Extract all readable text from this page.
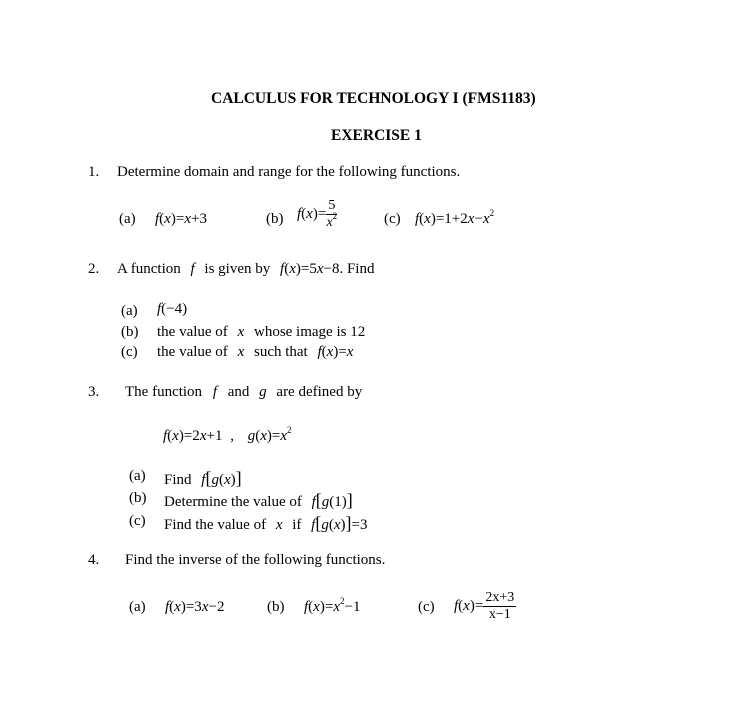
CALCULUS FOR TECHNOLOGY I (FMS1183)
EXERCISE 1
1. Determine domain and range for the following functions.
(a) f(x)=x+3	(b) $f(x)= \frac{5}{x^2}$	(c) $f(x)=1+2x-x^2$
2. A function f is given by f(x)=5x−8. Find
(a) f(−4)
(b) the value of x whose image is 12
(c) the value of x such that f(x)=x
3. The function f and g are defined by
f(x)=2x+1 , $g(x)=x^2$
(a) Find f[g(x)]
(b) Determine the value of f[g(1)]
(c) Find the value of x if f[g(x)]=3
4. Find the inverse of the following functions.
(a) f(x)=3x−2	(b) $f(x)=x^2-1$	(c) $f(x)= \frac{2x+3}{x-1}$
